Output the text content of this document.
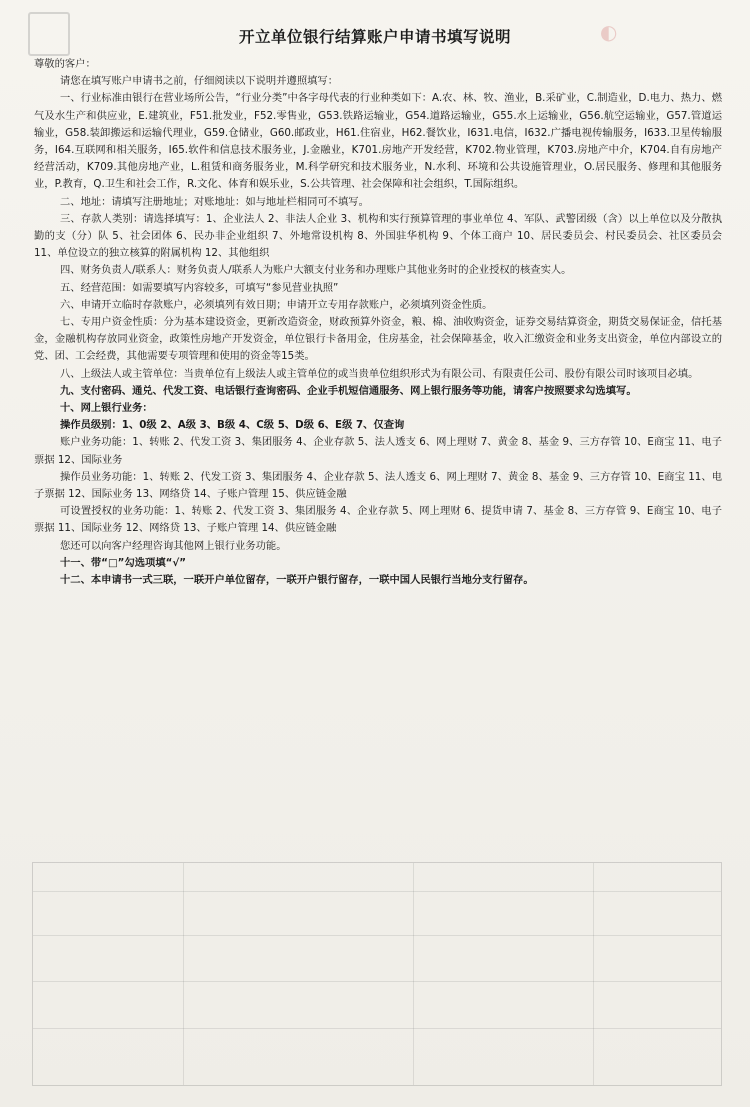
◐
开立单位银行结算账户申请书填写说明

尊敬的客户：

请您在填写账户申请书之前，仔细阅读以下说明并遵照填写：

一、行业标准由银行在营业场所公告，“行业分类”中各字母代表的行业种类如下：A.农、林、牧、渔业，B.采矿业，C.制造业，D.电力、热力、燃气及水生产和供应业，E.建筑业，F51.批发业，F52.零售业，G53.铁路运输业，G54.道路运输业，G55.水上运输业，G56.航空运输业，G57.管道运输业，G58.装卸搬运和运输代理业，G59.仓储业，G60.邮政业，H61.住宿业，H62.餐饮业，I631.电信，I632.广播电视传输服务，I633.卫星传输服务，I64.互联网和相关服务，I65.软件和信息技术服务业，J.金融业，K701.房地产开发经营，K702.物业管理，K703.房地产中介，K704.自有房地产经营活动，K709.其他房地产业，L.租赁和商务服务业，M.科学研究和技术服务业，N.水利、环境和公共设施管理业，O.居民服务、修理和其他服务业，P.教育，Q.卫生和社会工作，R.文化、体育和娱乐业，S.公共管理、社会保障和社会组织，T.国际组织。

二、地址：请填写注册地址；对账地址：如与地址栏相同可不填写。

三、存款人类别：请选择填写：1、企业法人 2、非法人企业 3、机构和实行预算管理的事业单位 4、军队、武警团级（含）以上单位以及分散执勤的支（分）队 5、社会团体 6、民办非企业组织 7、外地常设机构 8、外国驻华机构 9、个体工商户 10、居民委员会、村民委员会、社区委员会 11、单位设立的独立核算的附属机构 12、其他组织

四、财务负责人/联系人：财务负责人/联系人为账户大额支付业务和办理账户其他业务时的企业授权的核查实人。

五、经营范围：如需要填写内容较多，可填写“参见营业执照”

六、申请开立临时存款账户，必须填列有效日期；申请开立专用存款账户，必须填列资金性质。

七、专用户资金性质：分为基本建设资金，更新改造资金，财政预算外资金，粮、棉、油收购资金，证券交易结算资金，期货交易保证金，信托基金，金融机构存放同业资金，政策性房地产开发资金，单位银行卡备用金，住房基金，社会保障基金，收入汇缴资金和业务支出资金，单位内部设立的党、团、工会经费，其他需要专项管理和使用的资金等15类。

八、上级法人或主管单位：当贵单位有上级法人或主管单位的或当贵单位组织形式为有限公司、有限责任公司、股份有限公司时该项目必填。

九、支付密码、通兑、代发工资、电话银行查询密码、企业手机短信通服务、网上银行服务等功能，请客户按照要求勾选填写。

十、网上银行业务：

操作员级别：1、0级 2、A级 3、B级 4、C级 5、D级 6、E级 7、仅查询

账户业务功能：1、转账 2、代发工资 3、集团服务 4、企业存款 5、法人透支 6、网上理财 7、黄金 8、基金 9、三方存管 10、E商宝 11、电子票据 12、国际业务

操作员业务功能：1、转账 2、代发工资 3、集团服务 4、企业存款 5、法人透支 6、网上理财 7、黄金 8、基金 9、三方存管 10、E商宝 11、电子票据 12、国际业务 13、网络贷 14、子账户管理 15、供应链金融

可设置授权的业务功能：1、转账 2、代发工资 3、集团服务 4、企业存款 5、网上理财 6、提货申请 7、基金 8、三方存管 9、E商宝 10、电子票据 11、国际业务 12、网络贷 13、子账户管理 14、供应链金融

您还可以向客户经理咨询其他网上银行业务功能。

十一、带“□”勾选项填“√”

十二、本申请书一式三联，一联开户单位留存，一联开户银行留存，一联中国人民银行当地分支行留存。
